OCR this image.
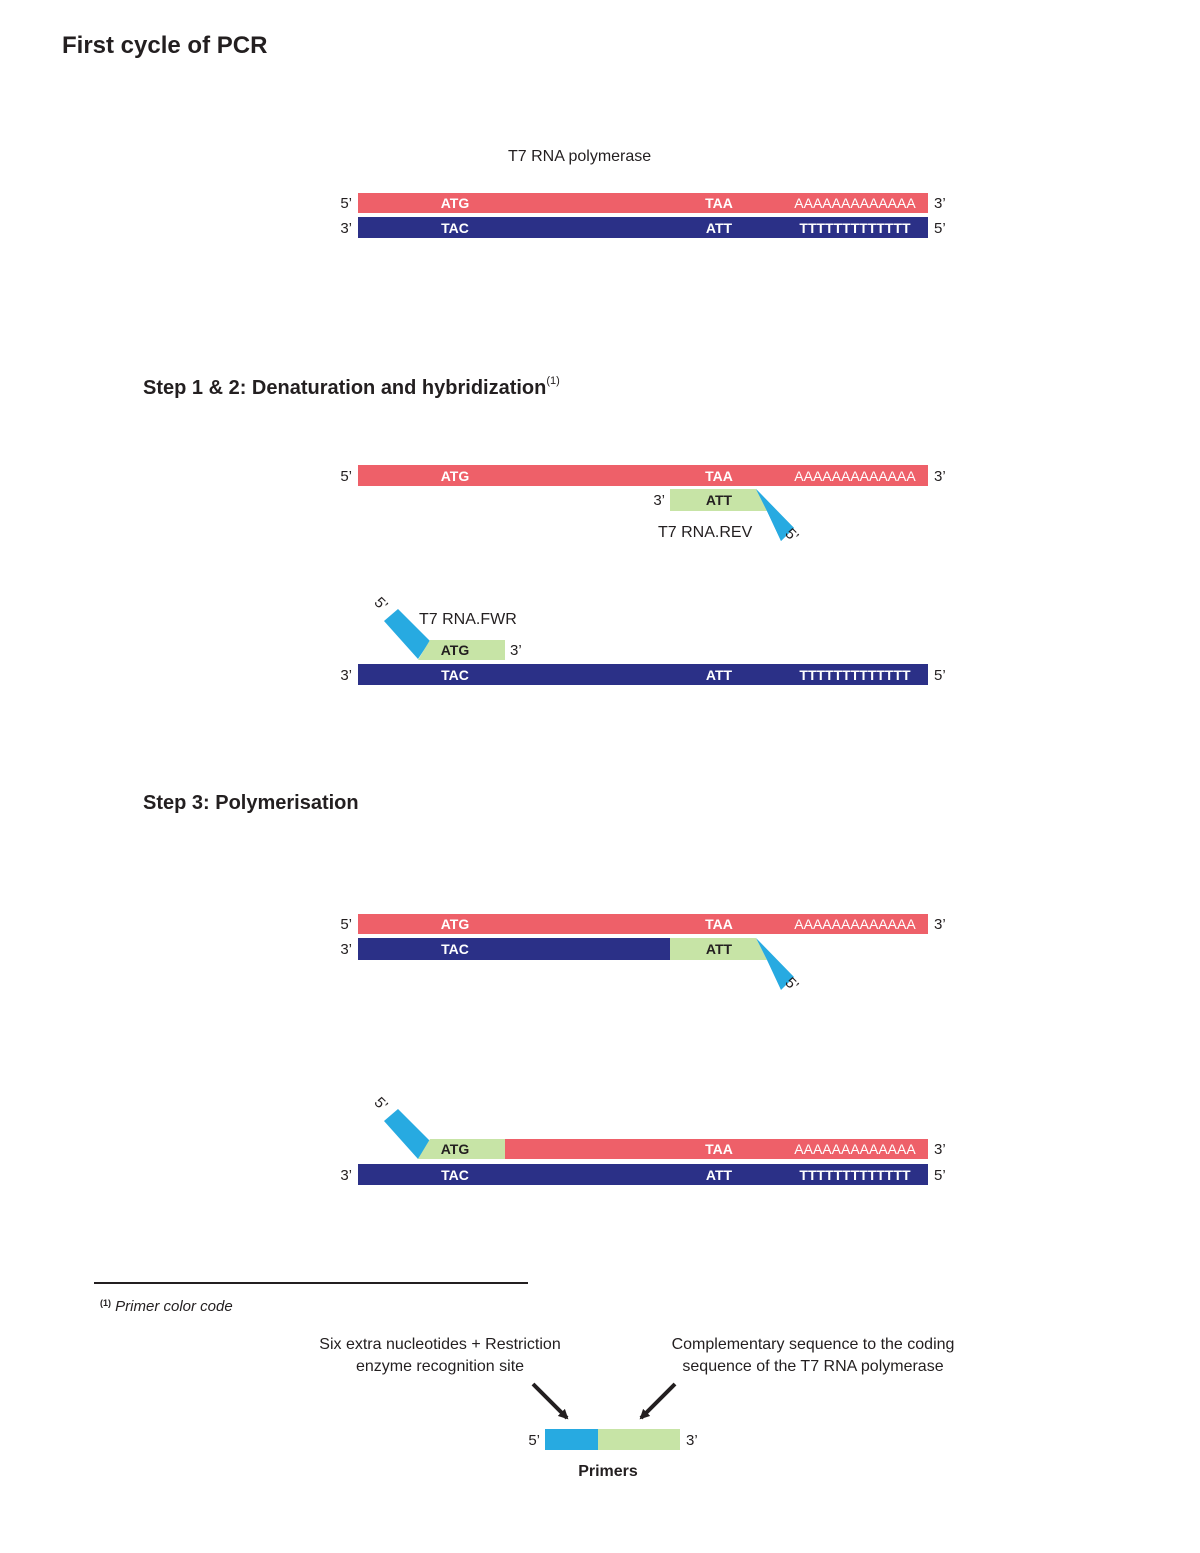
T7 RNA polymerase
ATG	TAA	AAAAAAAAAAAAA
5’	3’
TAC	ATT	TTTTTTTTTTTTT
3’	5’
ATG	TAA	AAAAAAAAAAAAA
5’	3’
ATT
3’
T7 RNA.REV 5’
ATG	3’
T7 RNA.FWR
5’
TAC	ATT	TTTTTTTTTTTTT
3’	5’
ATG	TAA	AAAAAAAAAAAAA
5’	3’
TAC	ATT
3’
5’
ATG	TAA	AAAAAAAAAAAAA 3’
5’
TAC	ATT	TTTTTTTTTTTTT
3’	5’
5’	3’
First cycle of PCR
Step 1 & 2: Denaturation and hybridization$^{(1)}$
Step 3: Polymerisation
$^{(1)}$ Primer color code
Six extra nucleotides + Restriction enzyme recognition site
Complementary sequence to the coding sequence of the T7 RNA polymerase
Primers
